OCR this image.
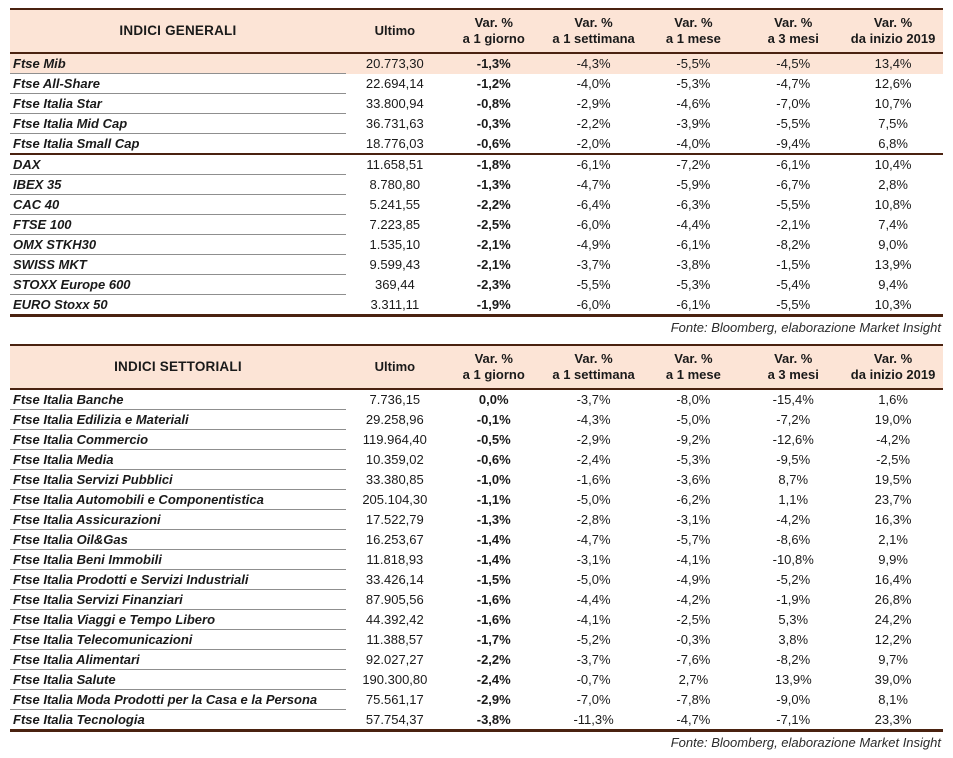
INDICI GENERALI	Ultimo	
Var. %
a 1 giorno

Var. %
a 1 settimana

Var. %
a 1 mese

Var. %
a 3 mesi

Var. %
da inizio 2019

Ftse Mib	20.773,30	-1,3%	-4,3%	-5,5%	-4,5%	13,4%
Ftse All-Share	22.694,14	-1,2%	-4,0%	-5,3%	-4,7%	12,6%
Ftse Italia Star	33.800,94	-0,8%	-2,9%	-4,6%	-7,0%	10,7%
Ftse Italia Mid Cap	36.731,63	-0,3%	-2,2%	-3,9%	-5,5%	7,5%
Ftse Italia Small Cap	18.776,03	-0,6%	-2,0%	-4,0%	-9,4%	6,8%
DAX	11.658,51	-1,8%	-6,1%	-7,2%	-6,1%	10,4%
IBEX 35	8.780,80	-1,3%	-4,7%	-5,9%	-6,7%	2,8%
CAC 40	5.241,55	-2,2%	-6,4%	-6,3%	-5,5%	10,8%
FTSE 100	7.223,85	-2,5%	-6,0%	-4,4%	-2,1%	7,4%
OMX STKH30	1.535,10	-2,1%	-4,9%	-6,1%	-8,2%	9,0%
SWISS MKT	9.599,43	-2,1%	-3,7%	-3,8%	-1,5%	13,9%
STOXX Europe 600	369,44	-2,3%	-5,5%	-5,3%	-5,4%	9,4%
EURO Stoxx 50	3.311,11	-1,9%	-6,0%	-6,1%	-5,5%	10,3%
Fonte: Bloomberg, elaborazione Market Insight
INDICI SETTORIALI	Ultimo	
Var. %
a 1 giorno

Var. %
a 1 settimana

Var. %
a 1 mese

Var. %
a 3 mesi

Var. %
da inizio 2019

Ftse Italia Banche	7.736,15	0,0%	-3,7%	-8,0%	-15,4%	1,6%
Ftse Italia Edilizia e Materiali	29.258,96	-0,1%	-4,3%	-5,0%	-7,2%	19,0%
Ftse Italia Commercio	119.964,40	-0,5%	-2,9%	-9,2%	-12,6%	-4,2%
Ftse Italia Media	10.359,02	-0,6%	-2,4%	-5,3%	-9,5%	-2,5%
Ftse Italia Servizi Pubblici	33.380,85	-1,0%	-1,6%	-3,6%	8,7%	19,5%
Ftse Italia Automobili e Componentistica	205.104,30	-1,1%	-5,0%	-6,2%	1,1%	23,7%
Ftse Italia Assicurazioni	17.522,79	-1,3%	-2,8%	-3,1%	-4,2%	16,3%
Ftse Italia Oil&Gas	16.253,67	-1,4%	-4,7%	-5,7%	-8,6%	2,1%
Ftse Italia Beni Immobili	11.818,93	-1,4%	-3,1%	-4,1%	-10,8%	9,9%
Ftse Italia Prodotti e Servizi Industriali	33.426,14	-1,5%	-5,0%	-4,9%	-5,2%	16,4%
Ftse Italia Servizi Finanziari	87.905,56	-1,6%	-4,4%	-4,2%	-1,9%	26,8%
Ftse Italia Viaggi e Tempo Libero	44.392,42	-1,6%	-4,1%	-2,5%	5,3%	24,2%
Ftse Italia Telecomunicazioni	11.388,57	-1,7%	-5,2%	-0,3%	3,8%	12,2%
Ftse Italia Alimentari	92.027,27	-2,2%	-3,7%	-7,6%	-8,2%	9,7%
Ftse Italia Salute	190.300,80	-2,4%	-0,7%	2,7%	13,9%	39,0%
Ftse Italia Moda Prodotti per la Casa e la Persona	75.561,17	-2,9%	-7,0%	-7,8%	-9,0%	8,1%
Ftse Italia Tecnologia	57.754,37	-3,8%	-11,3%	-4,7%	-7,1%	23,3%
Fonte: Bloomberg, elaborazione Market Insight
